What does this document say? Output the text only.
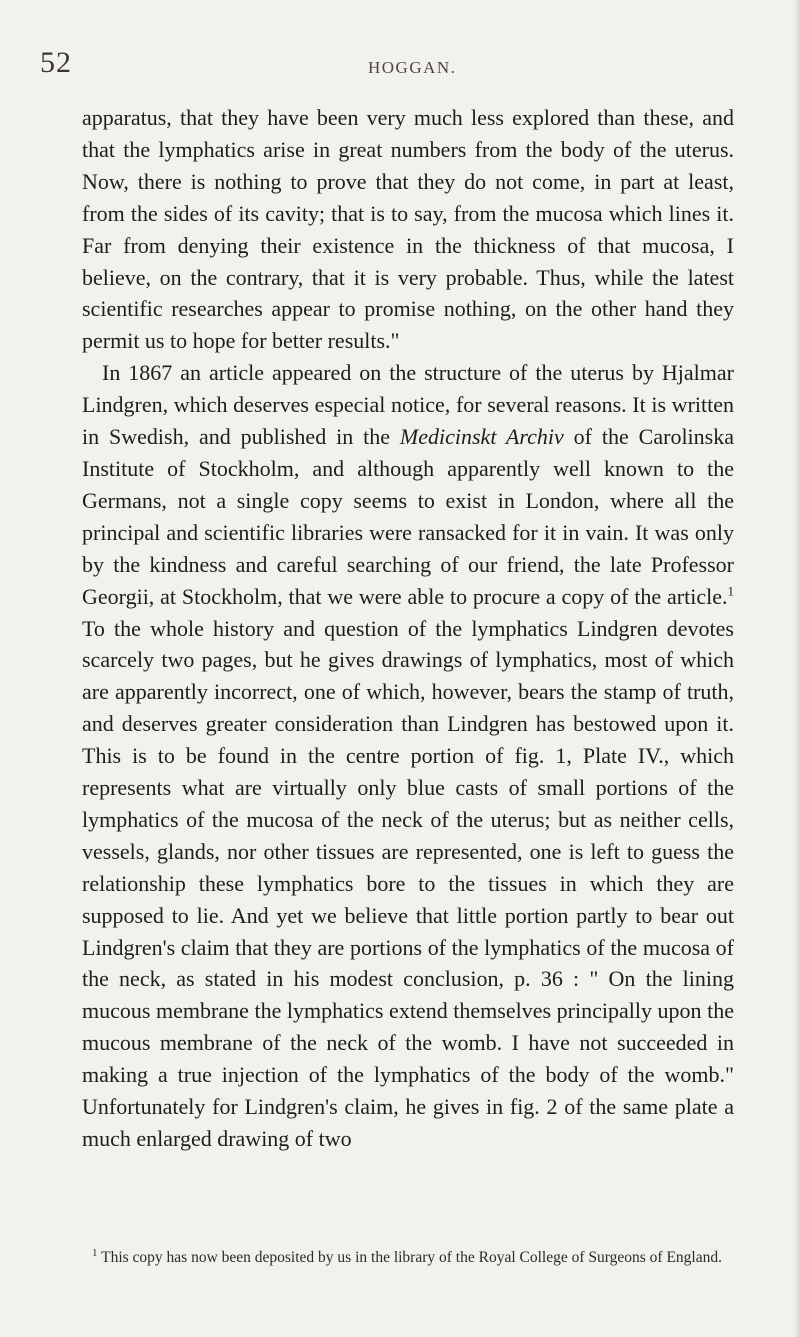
52	HOGGAN.

apparatus, that they have been very much less explored than these, and that the lymphatics arise in great numbers from the body of the uterus. Now, there is nothing to prove that they do not come, in part at least, from the sides of its cavity; that is to say, from the mucosa which lines it. Far from denying their existence in the thickness of that mucosa, I believe, on the contrary, that it is very probable. Thus, while the latest scientific researches appear to promise nothing, on the other hand they permit us to hope for better results."

In 1867 an article appeared on the structure of the uterus by Hjalmar Lindgren, which deserves especial notice, for several reasons. It is written in Swedish, and published in the Medicinskt Archiv of the Carolinska Institute of Stockholm, and although apparently well known to the Germans, not a single copy seems to exist in London, where all the principal and scientific libraries were ransacked for it in vain. It was only by the kindness and careful searching of our friend, the late Professor Georgii, at Stockholm, that we were able to procure a copy of the article.$^1$ To the whole history and question of the lymphatics Lindgren devotes scarcely two pages, but he gives drawings of lymphatics, most of which are apparently incorrect, one of which, however, bears the stamp of truth, and deserves greater consideration than Lindgren has bestowed upon it. This is to be found in the centre portion of fig. 1, Plate IV., which represents what are virtually only blue casts of small portions of the lymphatics of the mucosa of the neck of the uterus; but as neither cells, vessels, glands, nor other tissues are represented, one is left to guess the relationship these lymphatics bore to the tissues in which they are supposed to lie. And yet we believe that little portion partly to bear out Lindgren's claim that they are portions of the lymphatics of the mucosa of the neck, as stated in his modest conclusion, p. 36 : " On the lining mucous membrane the lymphatics extend themselves principally upon the mucous membrane of the neck of the womb. I have not succeeded in making a true injection of the lymphatics of the body of the womb." Unfortunately for Lindgren's claim, he gives in fig. 2 of the same plate a much enlarged drawing of two

$^1$ This copy has now been deposited by us in the library of the Royal College of Surgeons of England.
